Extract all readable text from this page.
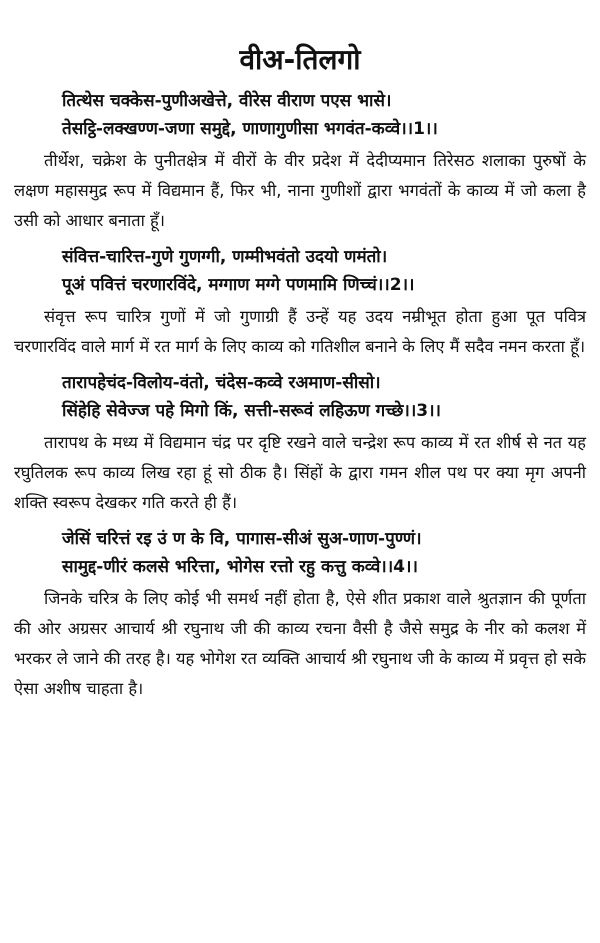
वीअ-तिलगो

तित्थेस चक्केस-पुणीअखेत्ते, वीरेस वीराण पएस भासे।

तेसट्ठि-लक्खण्ण-जणा समुद्दे, णाणागुणीसा भगवंत-कव्वे।।1।।

तीर्थेश, चक्रेश के पुनीतक्षेत्र में वीरों के वीर प्रदेश में देदीप्यमान तिरेसठ शलाका पुरुषों के लक्षण महासमुद्र रूप में विद्यमान हैं, फिर भी, नाना गुणीशों द्वारा भगवंतों के काव्य में जो कला है उसी को आधार बनाता हूँ।

संवित्त-चारित्त-गुणे गुणग्गी, णम्मीभवंतो उदयो णमंतो।

पूअं पवित्तं चरणारविंदे, मग्गाण मग्गे पणमामि णिच्चं।।2।।

संवृत्त रूप चारित्र गुणों में जो गुणाग्री हैं उन्हें यह उदय नम्रीभूत होता हुआ पूत पवित्र चरणारविंद वाले मार्ग में रत मार्ग के लिए काव्य को गतिशील बनाने के लिए मैं सदैव नमन करता हूँ।

तारापहेचंद-विलोय-वंतो, चंदेस-कव्वे रअमाण-सीसो।

सिंहेहि सेवेज्ज पहे मिगो किं, सत्ती-सरूवं लहिऊण गच्छे।।3।।

तारापथ के मध्य में विद्यमान चंद्र पर दृष्टि रखने वाले चन्द्रेश रूप काव्य में रत शीर्ष से नत यह रघुतिलक रूप काव्य लिख रहा हूं सो ठीक है। सिंहों के द्वारा गमन शील पथ पर क्या मृग अपनी शक्ति स्वरूप देखकर गति करते ही हैं।

जेसिं चरित्तं रइ उं ण के वि, पागास-सीअं सुअ-णाण-पुण्णं।

सामुद्द-णीरं कलसे भरित्ता, भोगेस रत्तो रहु कत्तु कव्वे।।4।।

जिनके चरित्र के लिए कोई भी समर्थ नहीं होता है, ऐसे शीत प्रकाश वाले श्रुतज्ञान की पूर्णता की ओर अग्रसर आचार्य श्री रघुनाथ जी की काव्य रचना वैसी है जैसे समुद्र के नीर को कलश में भरकर ले जाने की तरह है। यह भोगेश रत व्यक्ति आचार्य श्री रघुनाथ जी के काव्य में प्रवृत्त हो सके ऐसा अशीष चाहता है।
